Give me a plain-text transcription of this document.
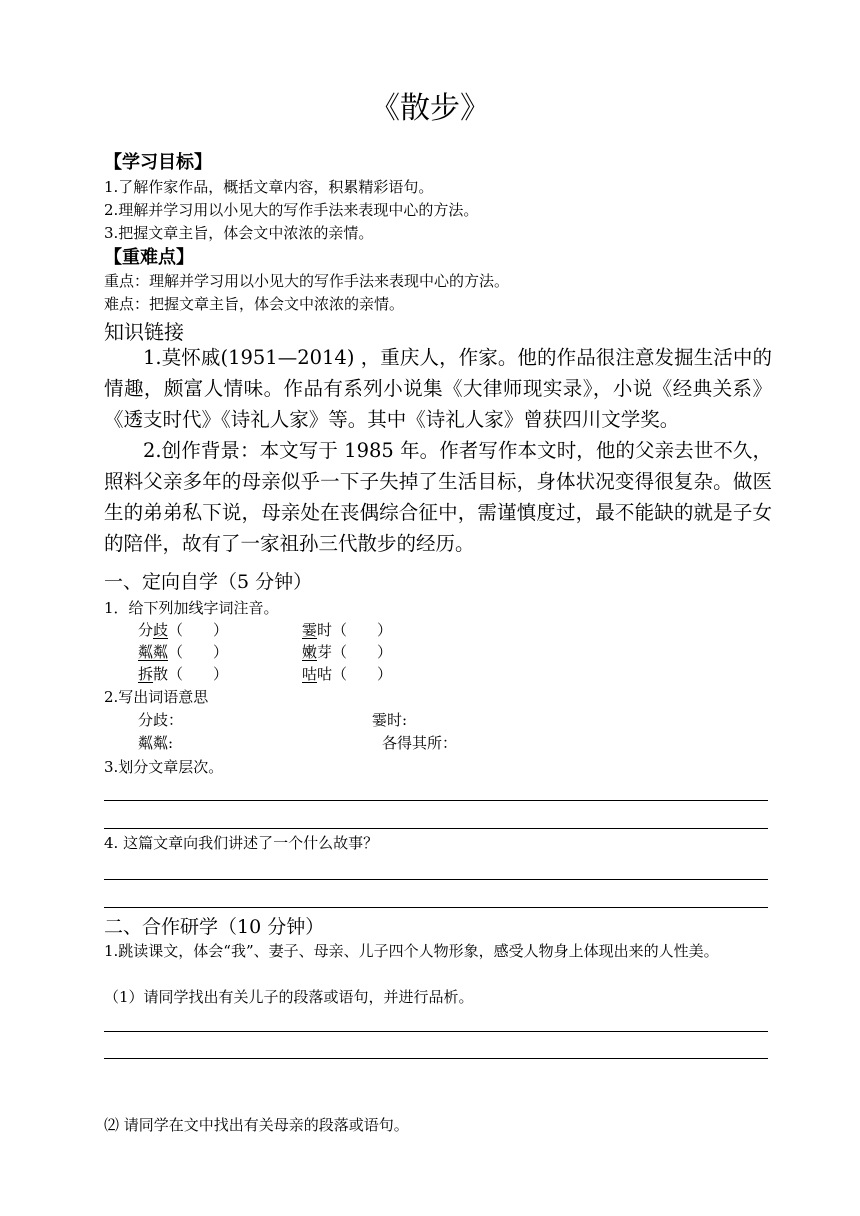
《散步》
【学习目标】
1.了解作家作品，概括文章内容，积累精彩语句。
2.理解并学习用以小见大的写作手法来表现中心的方法。
3.把握文章主旨，体会文中浓浓的亲情。
【重难点】
重点：理解并学习用以小见大的写作手法来表现中心的方法。
难点：把握文章主旨，体会文中浓浓的亲情。
知识链接

1.莫怀戚(1951—2014) ，重庆人，作家。他的作品很注意发掘生活中的情趣，颇富人情味。作品有系列小说集《大律师现实录》，小说《经典关系》《透支时代》《诗礼人家》等。其中《诗礼人家》曾获四川文学奖。

2.创作背景：本文写于 1985 年。作者写作本文时，他的父亲去世不久，照料父亲多年的母亲似乎一下子失掉了生活目标，身体状况变得很复杂。做医生的弟弟私下说，母亲处在丧偶综合征中，需谨慎度过，最不能缺的就是子女的陪伴，故有了一家祖孙三代散步的经历。

一、定向自学（5 分钟）
1．给下列加线字词注音。
分歧（　　）	霎时（　　）
粼粼（　　）	嫩芽（　　）
拆散（　　）	咕咕（　　）
2.写出词语意思
分歧：	霎时:
粼粼:	各得其所：
3.划分文章层次。
4. 这篇文章向我们讲述了一个什么故事？
二、合作研学（10 分钟）
1.跳读课文，体会“我”、妻子、母亲、儿子四个人物形象，感受人物身上体现出来的人性美。
（1）请同学找出有关儿子的段落或语句，并进行品析。
⑵ 请同学在文中找出有关母亲的段落或语句。
